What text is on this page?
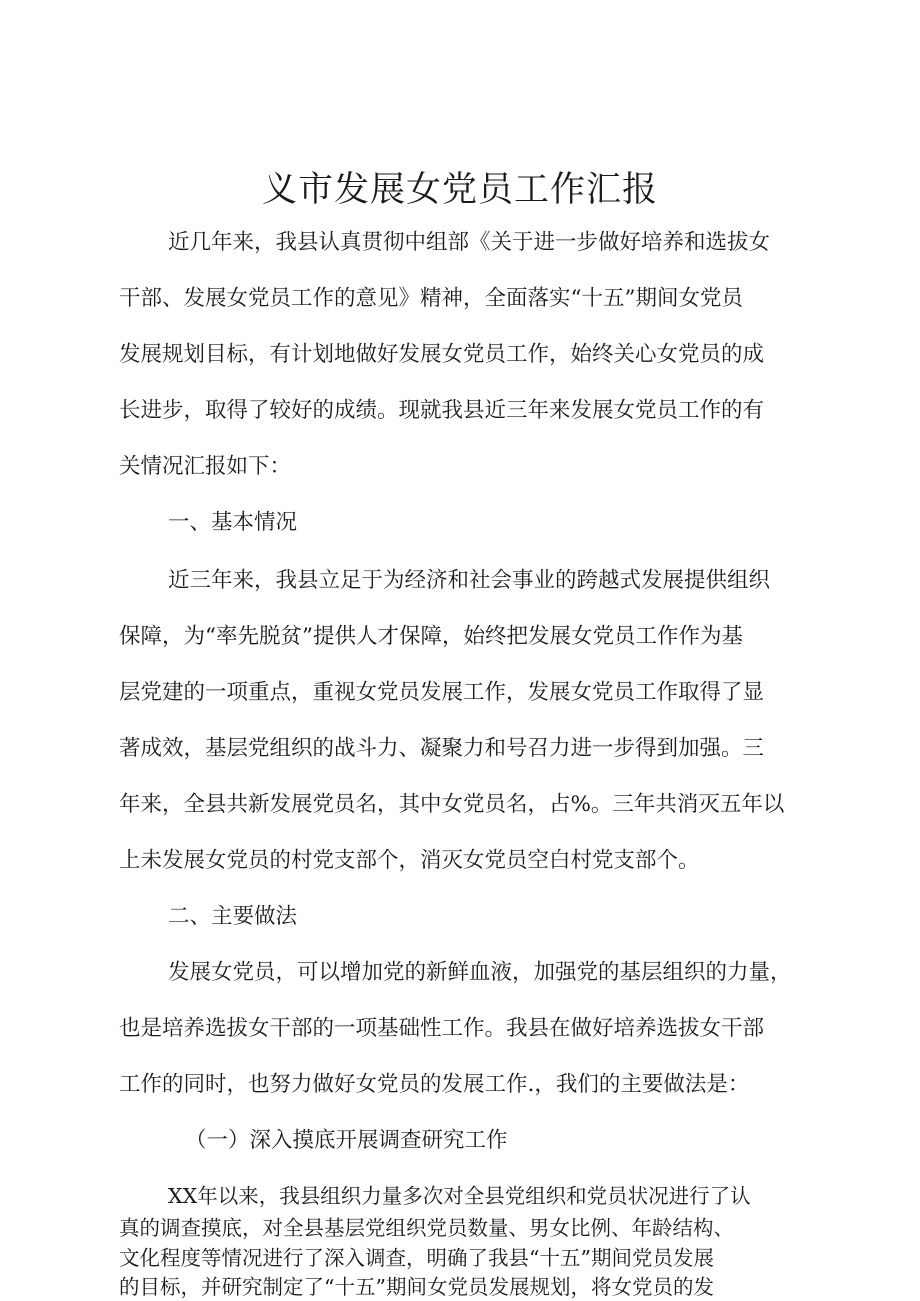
义市发展女党员工作汇报

近几年来，我县认真贯彻中组部《关于进一步做好培养和选拔女

干部、发展女党员工作的意见》精神，全面落实“十五”期间女党员

发展规划目标，有计划地做好发展女党员工作，始终关心女党员的成

长进步，取得了较好的成绩。现就我县近三年来发展女党员工作的有

关情况汇报如下：

一、基本情况

近三年来，我县立足于为经济和社会事业的跨越式发展提供组织

保障，为“率先脱贫”提供人才保障，始终把发展女党员工作作为基

层党建的一项重点，重视女党员发展工作，发展女党员工作取得了显

著成效，基层党组织的战斗力、凝聚力和号召力进一步得到加强。三

年来，全县共新发展党员名，其中女党员名，占%。三年共消灭五年以

上未发展女党员的村党支部个，消灭女党员空白村党支部个。

二、主要做法

发展女党员，可以增加党的新鲜血液，加强党的基层组织的力量，

也是培养选拔女干部的一项基础性工作。我县在做好培养选拔女干部

工作的同时，也努力做好女党员的发展工作.，我们的主要做法是：

（一）深入摸底开展调查研究工作

XX年以来，我县组织力量多次对全县党组织和党员状况进行了认

真的调查摸底，对全县基层党组织党员数量、男女比例、年龄结构、

文化程度等情况进行了深入调查，明确了我县“十五”期间党员发展

的目标，并研究制定了“十五”期间女党员发展规划，将女党员的发
